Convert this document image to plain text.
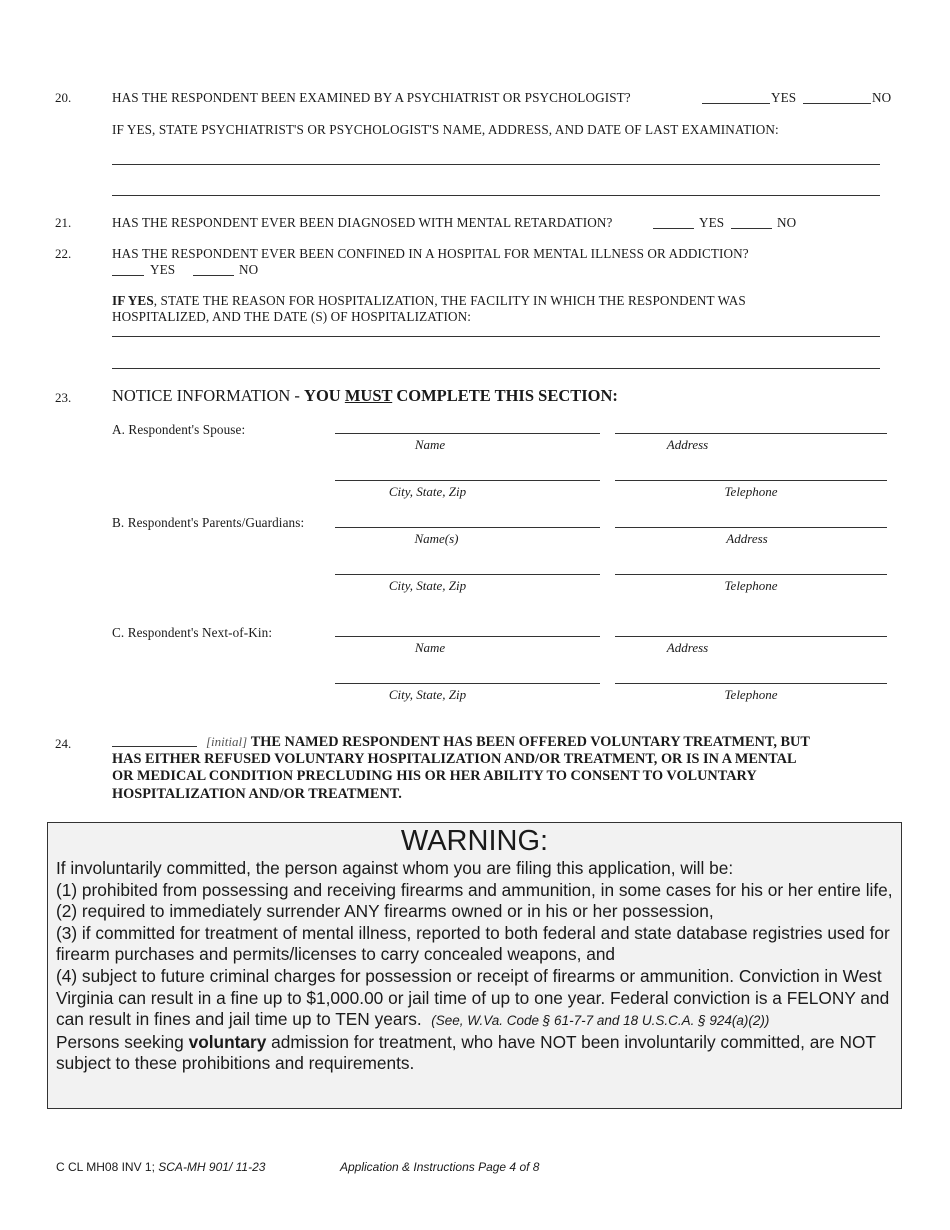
20.	HAS THE RESPONDENT BEEN EXAMINED BY A PSYCHIATRIST OR PSYCHOLOGIST?	YES	NO
IF YES, STATE PSYCHIATRIST'S OR PSYCHOLOGIST'S NAME, ADDRESS, AND DATE OF LAST EXAMINATION:
21.	HAS THE RESPONDENT EVER BEEN DIAGNOSED WITH MENTAL RETARDATION?	YES	NO
22.	HAS THE RESPONDENT EVER BEEN CONFINED IN A HOSPITAL FOR MENTAL ILLNESS OR ADDICTION?
YES	NO
IF YES, STATE THE REASON FOR HOSPITALIZATION, THE FACILITY IN WHICH THE RESPONDENT WAS
HOSPITALIZED, AND THE DATE (S) OF HOSPITALIZATION:
23. NOTICE INFORMATION - YOU MUST COMPLETE THIS SECTION:
A. Respondent's Spouse:
Name	Address
City, State, Zip	Telephone
B. Respondent's Parents/Guardians:
Name(s)	Address
City, State, Zip	Telephone
C. Respondent's Next-of-Kin:
Name	Address
City, State, Zip	Telephone
24.	[initial] THE NAMED RESPONDENT HAS BEEN OFFERED VOLUNTARY TREATMENT, BUT
HAS EITHER REFUSED VOLUNTARY HOSPITALIZATION AND/OR TREATMENT, OR IS IN A MENTAL
OR MEDICAL CONDITION PRECLUDING HIS OR HER ABILITY TO CONSENT TO VOLUNTARY
HOSPITALIZATION AND/OR TREATMENT.
WARNING:
If involuntarily committed, the person against whom you are filing this application, will be:
(1) prohibited from possessing and receiving firearms and ammunition, in some cases for his or her entire life,
(2) required to immediately surrender ANY firearms owned or in his or her possession,
(3) if committed for treatment of mental illness, reported to both federal and state database registries used for firearm purchases and permits/licenses to carry concealed weapons, and
(4) subject to future criminal charges for possession or receipt of firearms or ammunition. Conviction in West Virginia can result in a fine up to $1,000.00 or jail time of up to one year. Federal conviction is a FELONY and can result in fines and jail time up to TEN years. (See, W.Va. Code § 61-7-7 and 18 U.S.C.A. § 924(a)(2))
Persons seeking voluntary admission for treatment, who have NOT been involuntarily committed, are NOT subject to these prohibitions and requirements.
C CL MH08 INV 1; SCA-MH 901/ 11-23	Application & Instructions Page 4 of 8
